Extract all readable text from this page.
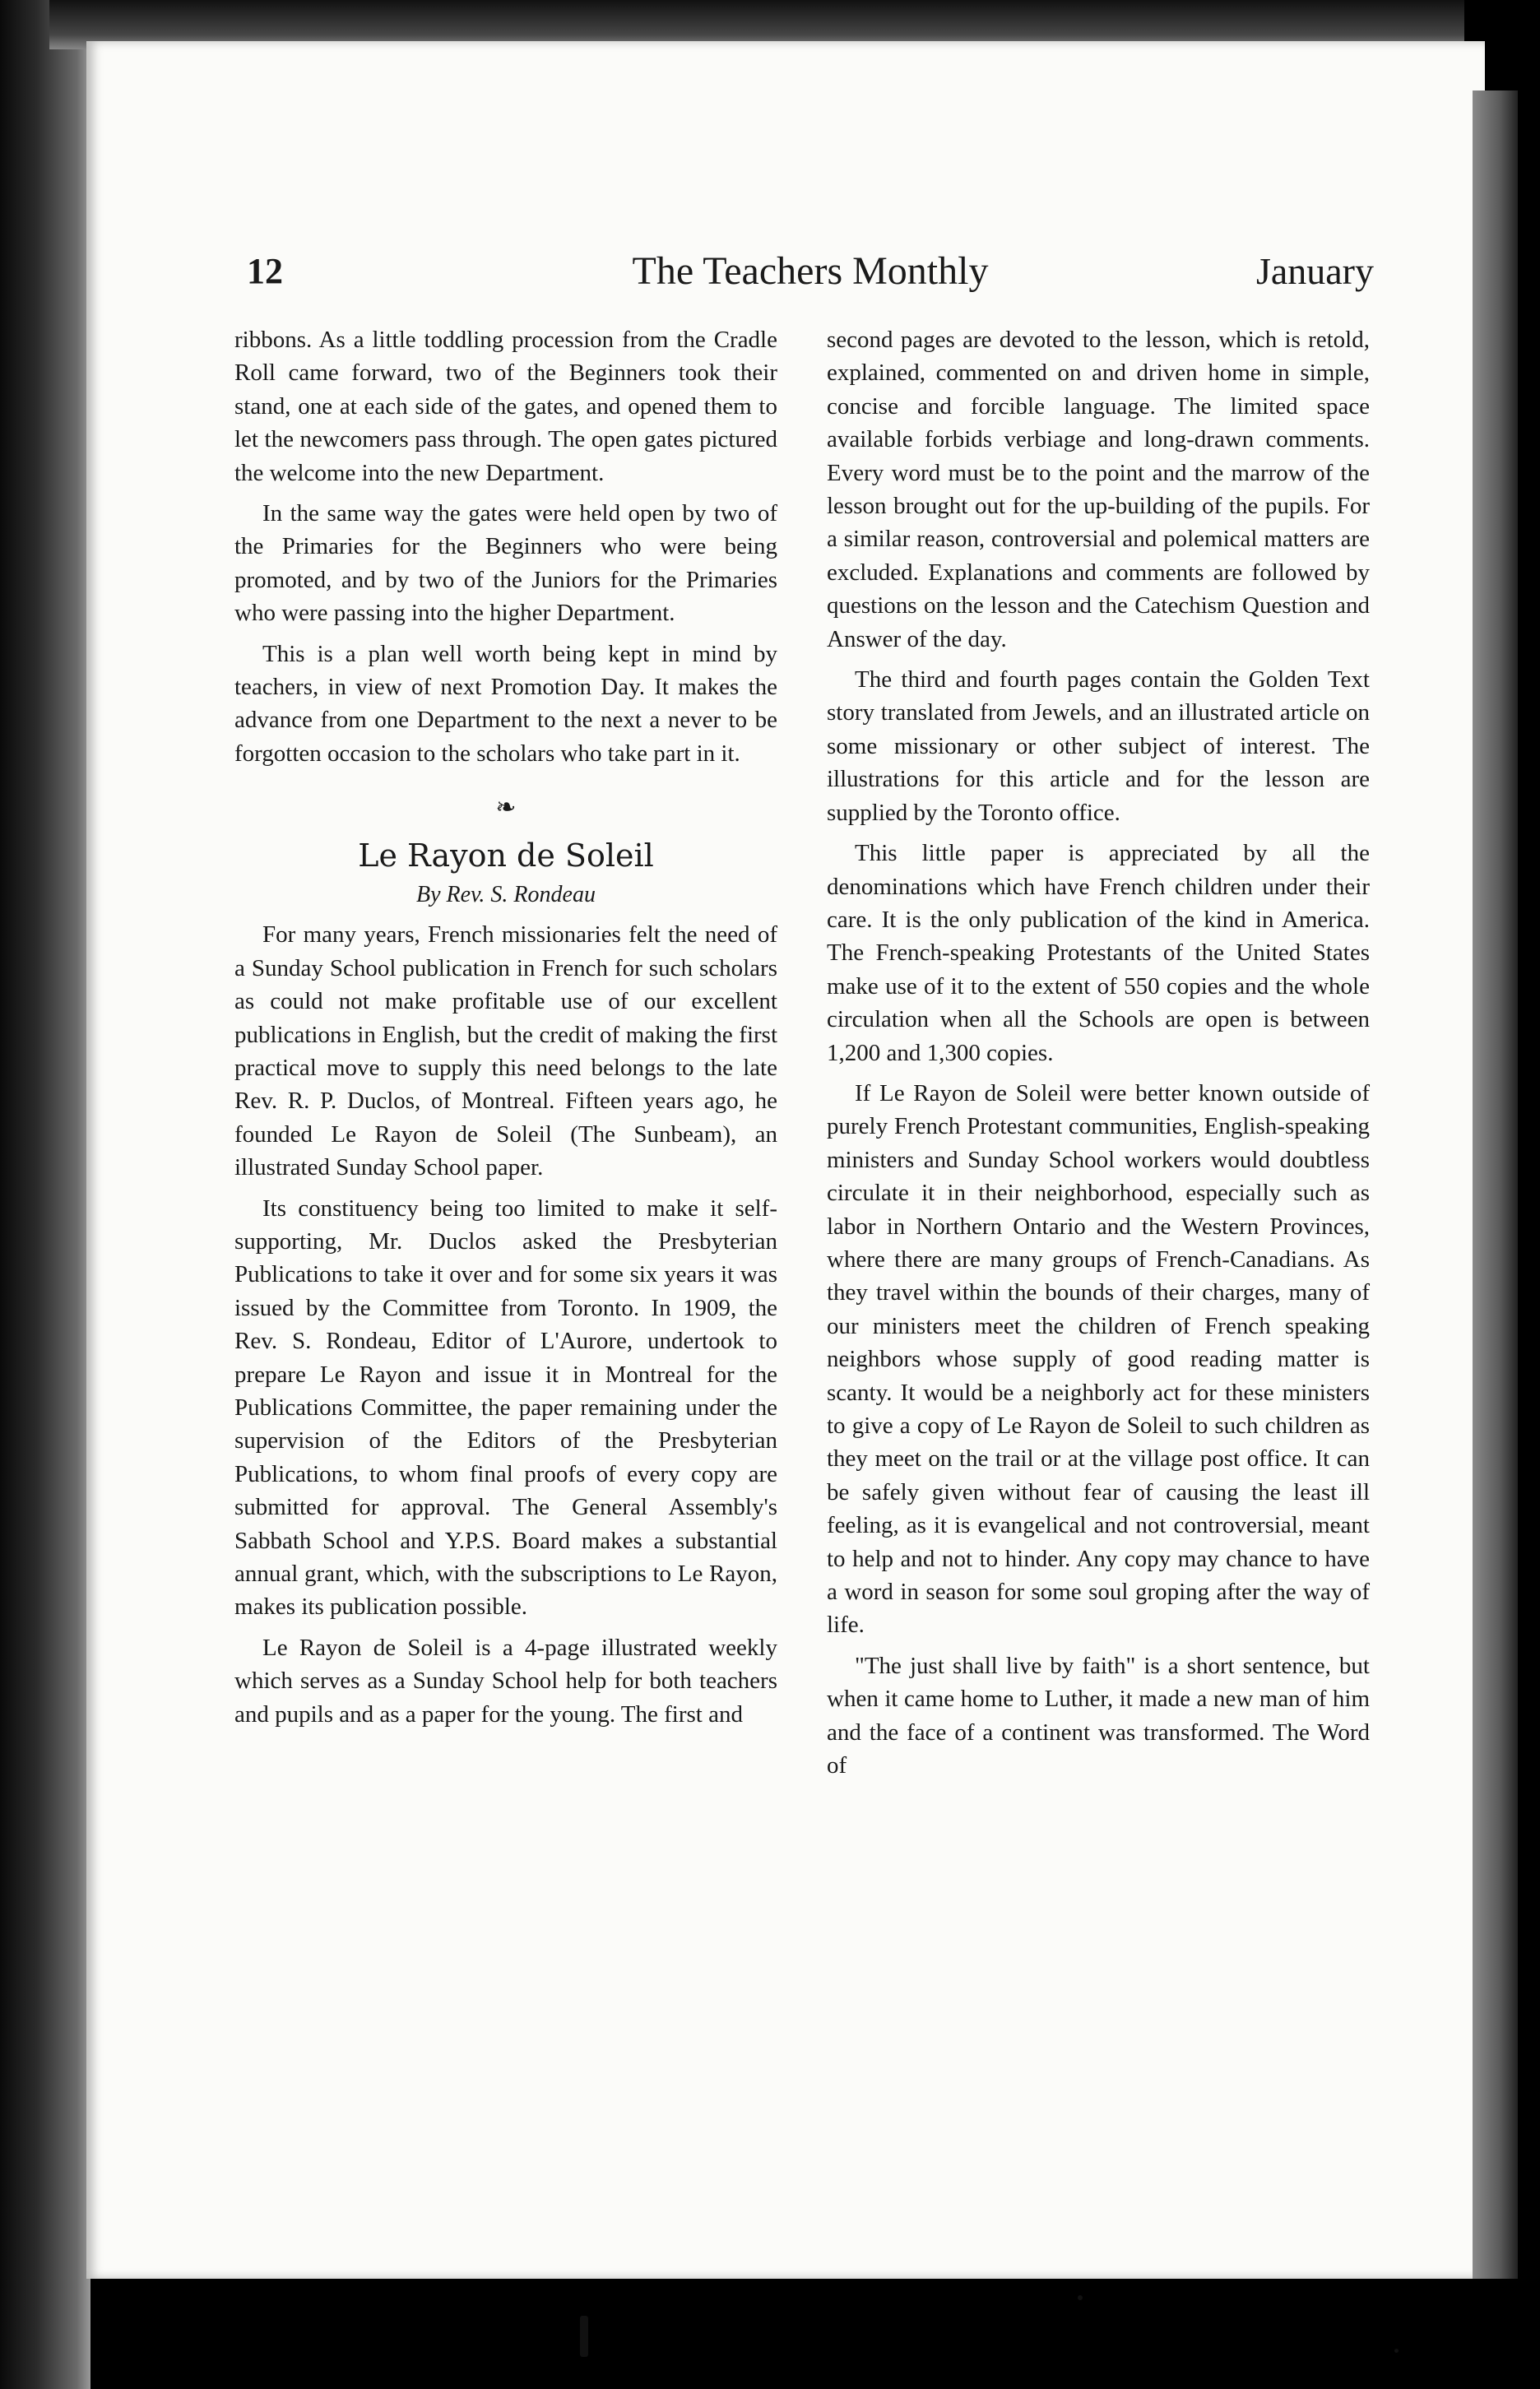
12	The Teachers Monthly	January

ribbons. As a little toddling procession from the Cradle Roll came forward, two of the Beginners took their stand, one at each side of the gates, and opened them to let the newcomers pass through. The open gates pictured the welcome into the new Department.

In the same way the gates were held open by two of the Primaries for the Beginners who were being promoted, and by two of the Juniors for the Primaries who were passing into the higher Department.

This is a plan well worth being kept in mind by teachers, in view of next Promotion Day. It makes the advance from one Department to the next a never to be forgotten occasion to the scholars who take part in it.

❧
Le Rayon de Soleil
By Rev. S. Rondeau

For many years, French missionaries felt the need of a Sunday School publication in French for such scholars as could not make profitable use of our excellent publications in English, but the credit of making the first practical move to supply this need belongs to the late Rev. R. P. Duclos, of Montreal. Fifteen years ago, he founded Le Rayon de Soleil (The Sunbeam), an illustrated Sunday School paper.

Its constituency being too limited to make it self-supporting, Mr. Duclos asked the Presbyterian Publications to take it over and for some six years it was issued by the Committee from Toronto. In 1909, the Rev. S. Rondeau, Editor of L'Aurore, undertook to prepare Le Rayon and issue it in Montreal for the Publications Committee, the paper remaining under the supervision of the Editors of the Presbyterian Publications, to whom final proofs of every copy are submitted for approval. The General Assembly's Sabbath School and Y.P.S. Board makes a substantial annual grant, which, with the subscriptions to Le Rayon, makes its publication possible.

Le Rayon de Soleil is a 4-page illustrated weekly which serves as a Sunday School help for both teachers and pupils and as a paper for the young. The first and

second pages are devoted to the lesson, which is retold, explained, commented on and driven home in simple, concise and forcible language. The limited space available forbids verbiage and long-drawn comments. Every word must be to the point and the marrow of the lesson brought out for the up-building of the pupils. For a similar reason, controversial and polemical matters are excluded. Explanations and comments are followed by questions on the lesson and the Catechism Question and Answer of the day.

The third and fourth pages contain the Golden Text story translated from Jewels, and an illustrated article on some missionary or other subject of interest. The illustrations for this article and for the lesson are supplied by the Toronto office.

This little paper is appreciated by all the denominations which have French children under their care. It is the only publication of the kind in America. The French-speaking Protestants of the United States make use of it to the extent of 550 copies and the whole circulation when all the Schools are open is between 1,200 and 1,300 copies.

If Le Rayon de Soleil were better known outside of purely French Protestant communities, English-speaking ministers and Sunday School workers would doubtless circulate it in their neighborhood, especially such as labor in Northern Ontario and the Western Provinces, where there are many groups of French-Canadians. As they travel within the bounds of their charges, many of our ministers meet the children of French speaking neighbors whose supply of good reading matter is scanty. It would be a neighborly act for these ministers to give a copy of Le Rayon de Soleil to such children as they meet on the trail or at the village post office. It can be safely given without fear of causing the least ill feeling, as it is evangelical and not controversial, meant to help and not to hinder. Any copy may chance to have a word in season for some soul groping after the way of life.

"The just shall live by faith" is a short sentence, but when it came home to Luther, it made a new man of him and the face of a continent was transformed. The Word of
